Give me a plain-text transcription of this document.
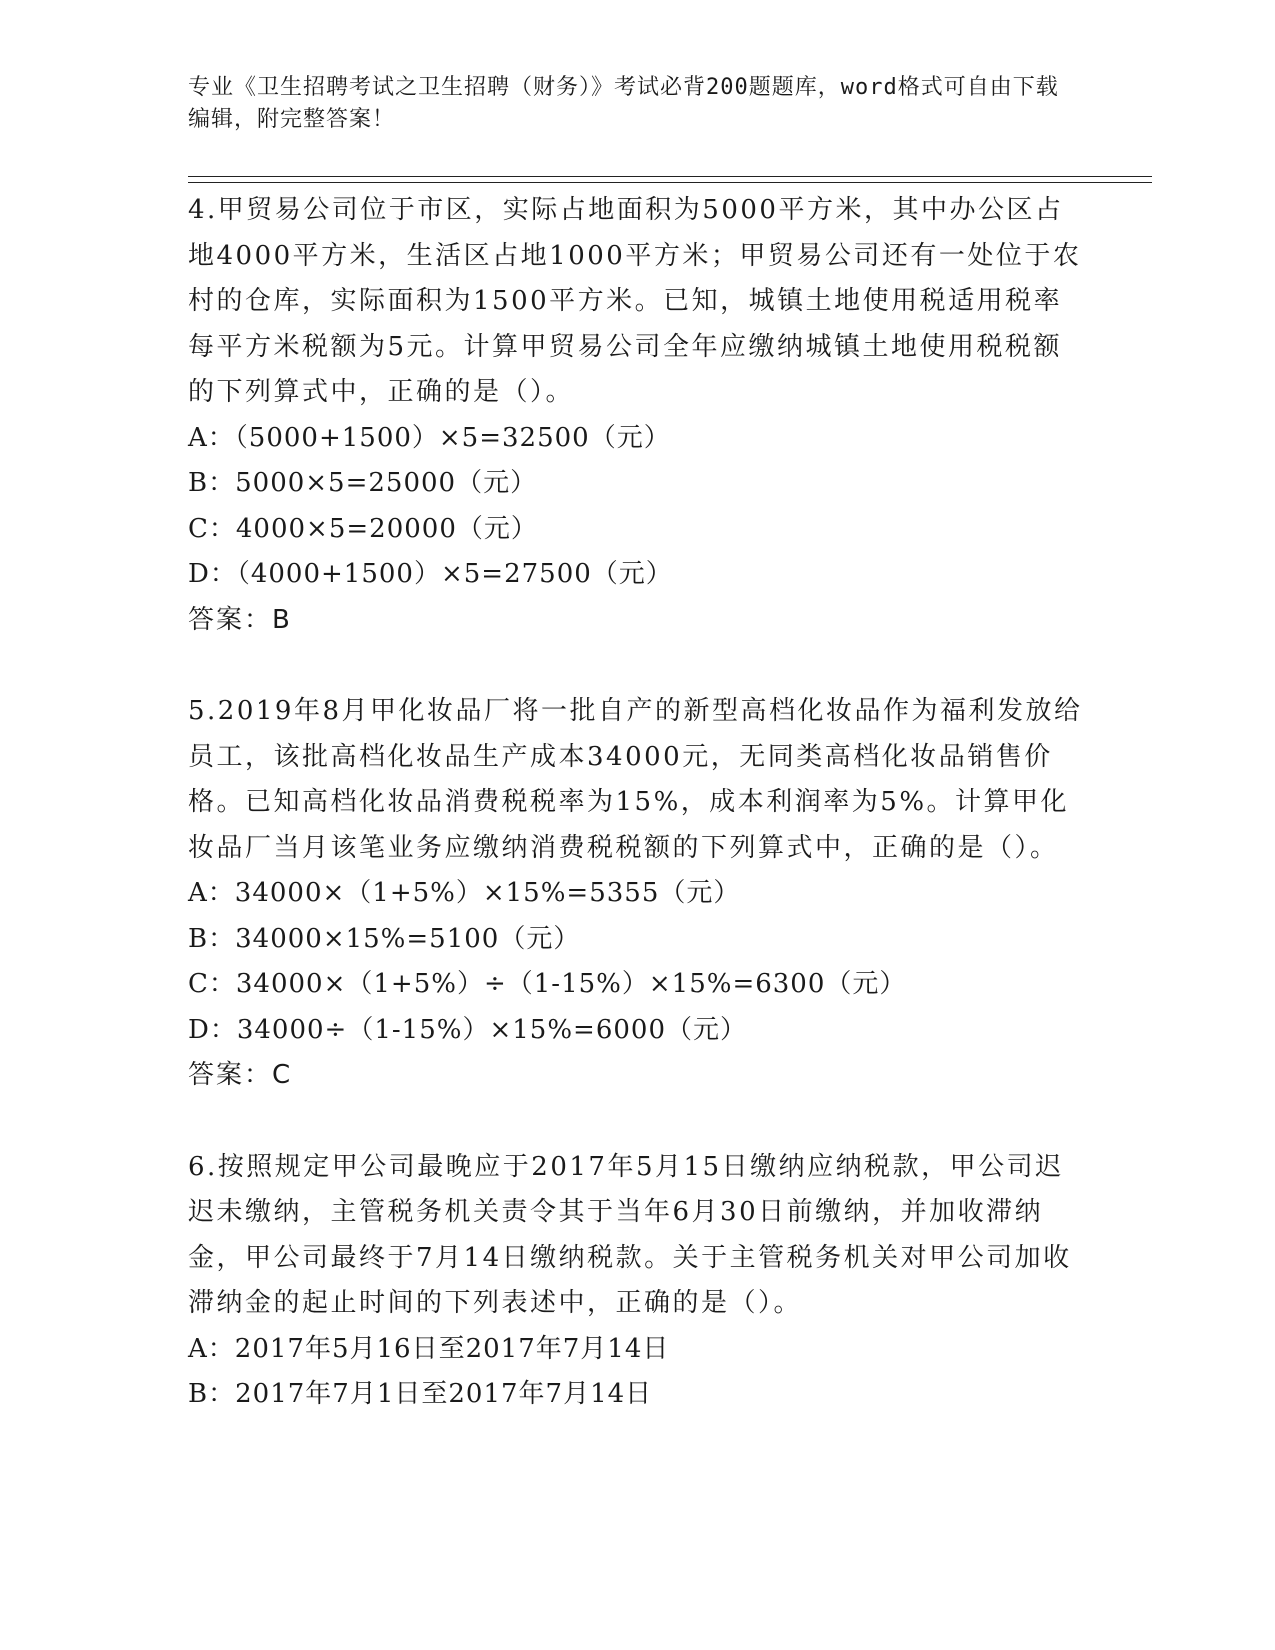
专业《卫生招聘考试之卫生招聘（财务）》考试必背200题题库，word格式可自由下载编辑，附完整答案！

4.甲贸易公司位于市区，实际占地面积为5000平方米，其中办公区占地4000平方米，生活区占地1000平方米；甲贸易公司还有一处位于农村的仓库，实际面积为1500平方米。已知，城镇土地使用税适用税率每平方米税额为5元。计算甲贸易公司全年应缴纳城镇土地使用税税额的下列算式中，正确的是（）。

A：（5000+1500）×5=32500（元）

B：5000×5=25000（元）

C：4000×5=20000（元）

D：（4000+1500）×5=27500（元）

答案：B

5.2019年8月甲化妆品厂将一批自产的新型高档化妆品作为福利发放给员工，该批高档化妆品生产成本34000元，无同类高档化妆品销售价格。已知高档化妆品消费税税率为15%，成本利润率为5%。计算甲化妆品厂当月该笔业务应缴纳消费税税额的下列算式中，正确的是（）。

A：34000×（1+5%）×15%=5355（元）

B：34000×15%=5100（元）

C：34000×（1+5%）÷（1-15%）×15%=6300（元）

D：34000÷（1-15%）×15%=6000（元）

答案：C

6.按照规定甲公司最晚应于2017年5月15日缴纳应纳税款，甲公司迟迟未缴纳，主管税务机关责令其于当年6月30日前缴纳，并加收滞纳金，甲公司最终于7月14日缴纳税款。关于主管税务机关对甲公司加收滞纳金的起止时间的下列表述中，正确的是（）。

A：2017年5月16日至2017年7月14日

B：2017年7月1日至2017年7月14日
